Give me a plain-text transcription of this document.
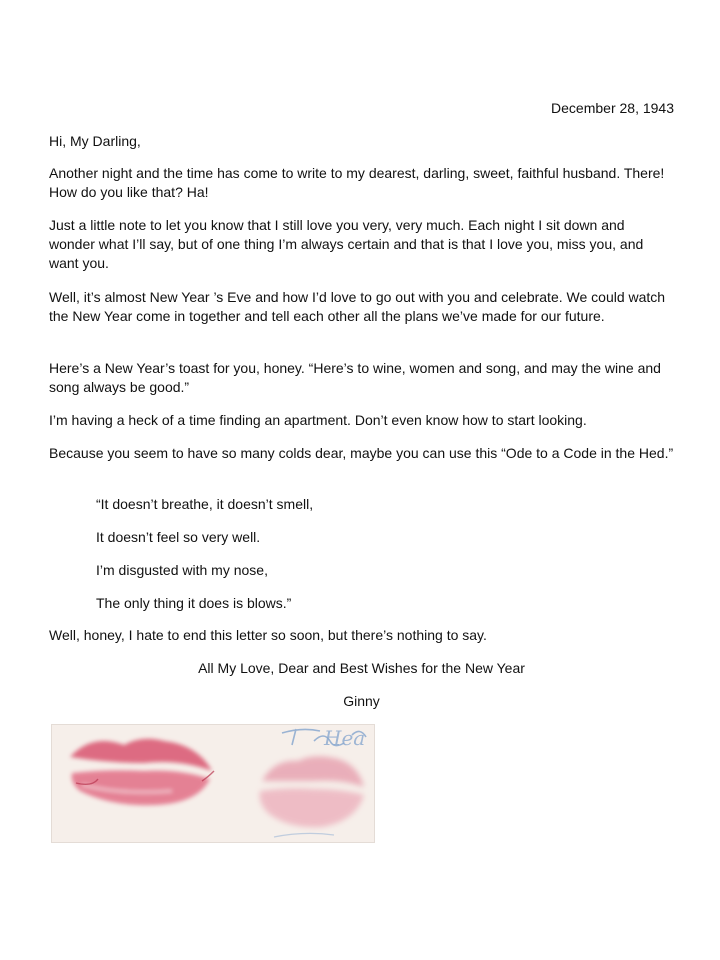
December 28, 1943

Hi, My Darling,

Another night and the time has come to write to my dearest, darling, sweet, faithful husband. There! How do you like that? Ha!

Just a little note to let you know that I still love you very, very much. Each night I sit down and wonder what I’ll say, but of one thing I’m always certain and that is that I love you, miss you, and want you.

Well, it’s almost New Year ’s Eve and how I’d love to go out with you and celebrate. We could watch the New Year come in together and tell each other all the plans we’ve made for our future.

Here’s a New Year’s toast for you, honey. “Here’s to wine, women and song, and may the wine and song always be good.”

I’m having a heck of a time finding an apartment. Don’t even know how to start looking.

Because you seem to have so many colds dear, maybe you can use this “Ode to a Code in the Hed.”

“It doesn’t breathe, it doesn’t smell,

It doesn’t feel so very well.

I’m disgusted with my nose,

The only thing it does is blows.”

Well, honey, I hate to end this letter so soon, but there’s nothing to say.

All My Love, Dear and Best Wishes for the New Year

Ginny

Hea
